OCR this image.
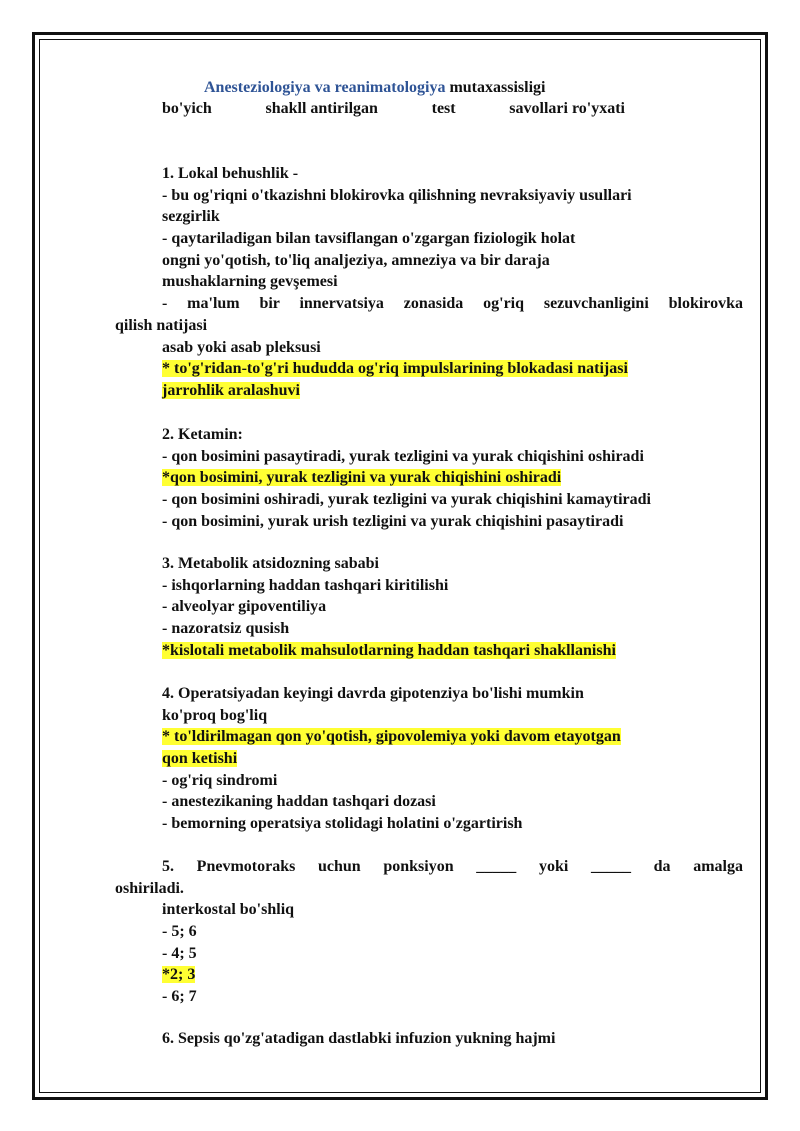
Anesteziologiya va reanimatologiya mutaxassisligi
bo'yich	shakll antirilgan	test	savollari ro'yxati
1. Lokal behushlik -
- bu og'riqni o'tkazishni blokirovka qilishning nevraksiyaviy usullari
sezgirlik
- qaytariladigan bilan tavsiflangan o'zgargan fiziologik holat
ongni yo'qotish, to'liq analjeziya, amneziya va bir daraja
mushaklarning gevşemesi
- ma'lum bir innervatsiya zonasida og'riq sezuvchanligini blokirovka
qilish natijasi
asab yoki asab pleksusi
* to'g'ridan-to'g'ri hududda og'riq impulslarining blokadasi natijasi
jarrohlik aralashuvi
2. Ketamin:
- qon bosimini pasaytiradi, yurak tezligini va yurak chiqishini oshiradi
*qon bosimini, yurak tezligini va yurak chiqishini oshiradi
- qon bosimini oshiradi, yurak tezligini va yurak chiqishini kamaytiradi
- qon bosimini, yurak urish tezligini va yurak chiqishini pasaytiradi
3. Metabolik atsidozning sababi
- ishqorlarning haddan tashqari kiritilishi
- alveolyar gipoventiliya
- nazoratsiz qusish
*kislotali metabolik mahsulotlarning haddan tashqari shakllanishi
4. Operatsiyadan keyingi davrda gipotenziya bo'lishi mumkin
ko'proq bog'liq
* to'ldirilmagan qon yo'qotish, gipovolemiya yoki davom etayotgan
qon ketishi
- og'riq sindromi
- anestezikaning haddan tashqari dozasi
- bemorning operatsiya stolidagi holatini o'zgartirish
5. Pnevmotoraks uchun ponksiyon _____ yoki _____ da amalga
oshiriladi.
interkostal bo'shliq
- 5; 6
- 4; 5
*2; 3
- 6; 7
6. Sepsis qo'zg'atadigan dastlabki infuzion yukning hajmi
